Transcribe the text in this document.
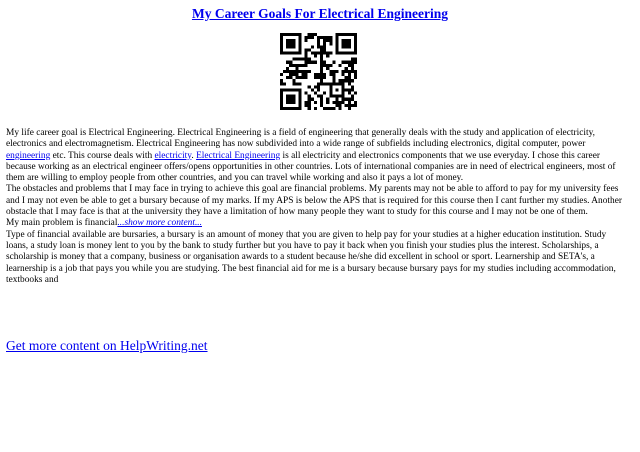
My Career Goals For Electrical Engineering

My life career goal is Electrical Engineering. Electrical Engineering is a field of engineering that generally deals with the study and application of electricity, electronics and electromagnetism. Electrical Engineering has now subdivided into a wide range of subfields including electronics, digital computer, power engineering etc. This course deals with electricity. Electrical Engineering is all electricity and electronics components that we use everyday. I chose this career because working as an electrical engineer offers/opens opportunities in other countries. Lots of international companies are in need of electrical engineers, most of them are willing to employ people from other countries, and you can travel while working and also it pays a lot of money.

The obstacles and problems that I may face in trying to achieve this goal are financial problems. My parents may not be able to afford to pay for my university fees and I may not even be able to get a bursary because of my marks. If my APS is below the APS that is required for this course then I cant further my studies. Another obstacle that I may face is that at the university they have a limitation of how many people they want to study for this course and I may not be one of them.

My main problem is financial...show more content...

Type of financial available are bursaries, a bursary is an amount of money that you are given to help pay for your studies at a higher education institution. Study loans, a study loan is money lent to you by the bank to study further but you have to pay it back when you finish your studies plus the interest. Scholarships, a scholarship is money that a company, business or organisation awards to a student because he/she did excellent in school or sport. Learnership and SETA's, a learnership is a job that pays you while you are studying. The best financial aid for me is a bursary because bursary pays for my studies including accommodation, textbooks and

Get more content on HelpWriting.net
